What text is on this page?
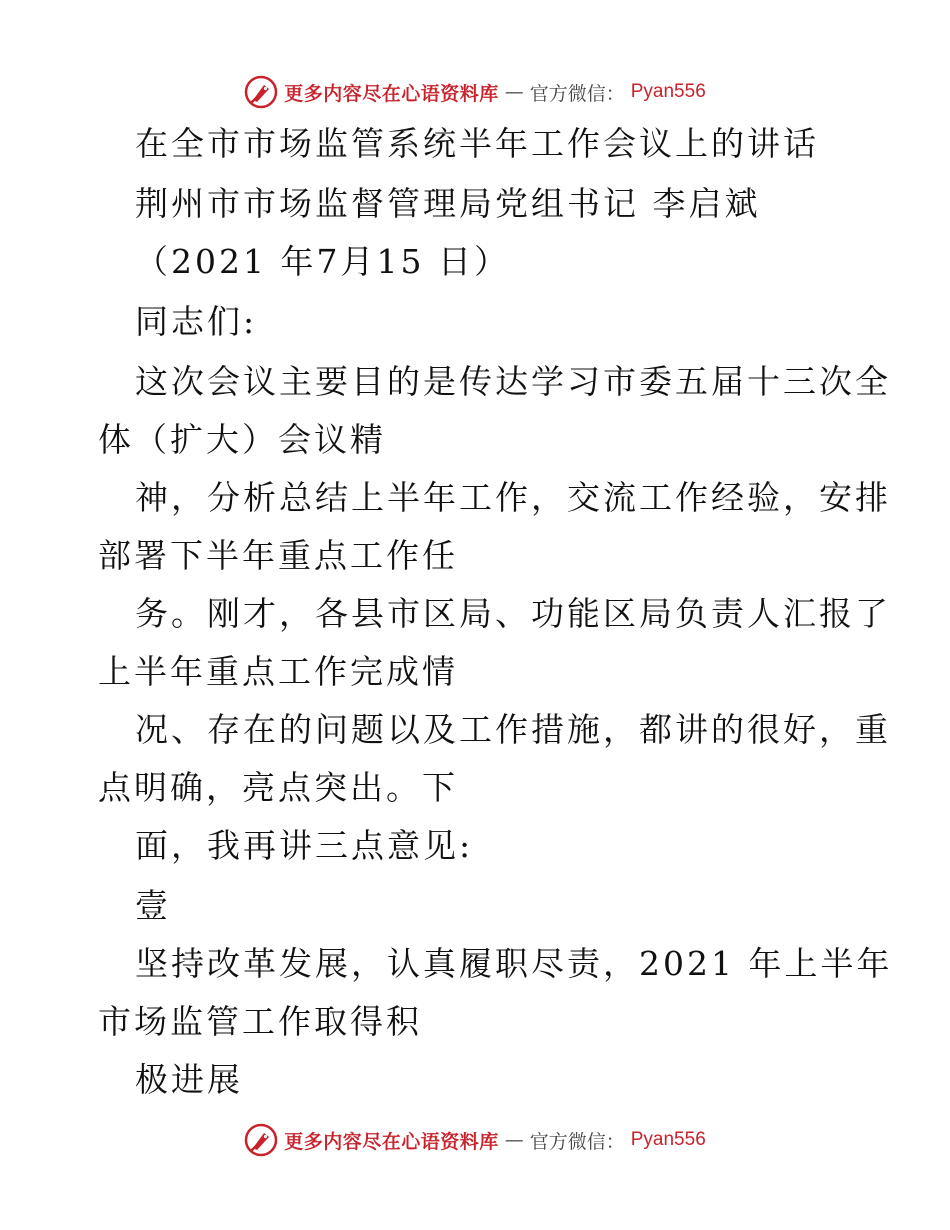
更多内容尽在心语资料库 — 官方微信： Pyan556
在全市市场监管系统半年工作会议上的讲话
荆州市市场监督管理局党组书记 李启斌
（2021 年7月15 日）
同志们:
这次会议主要目的是传达学习市委五届十三次全
体（扩大）会议精
神，分析总结上半年工作，交流工作经验，安排
部署下半年重点工作任
务。刚才，各县市区局、功能区局负责人汇报了
上半年重点工作完成情
况、存在的问题以及工作措施，都讲的很好，重
点明确，亮点突出。下
面，我再讲三点意见:
壹
坚持改革发展，认真履职尽责，2021 年上半年
市场监管工作取得积
极进展
更多内容尽在心语资料库 — 官方微信： Pyan556
